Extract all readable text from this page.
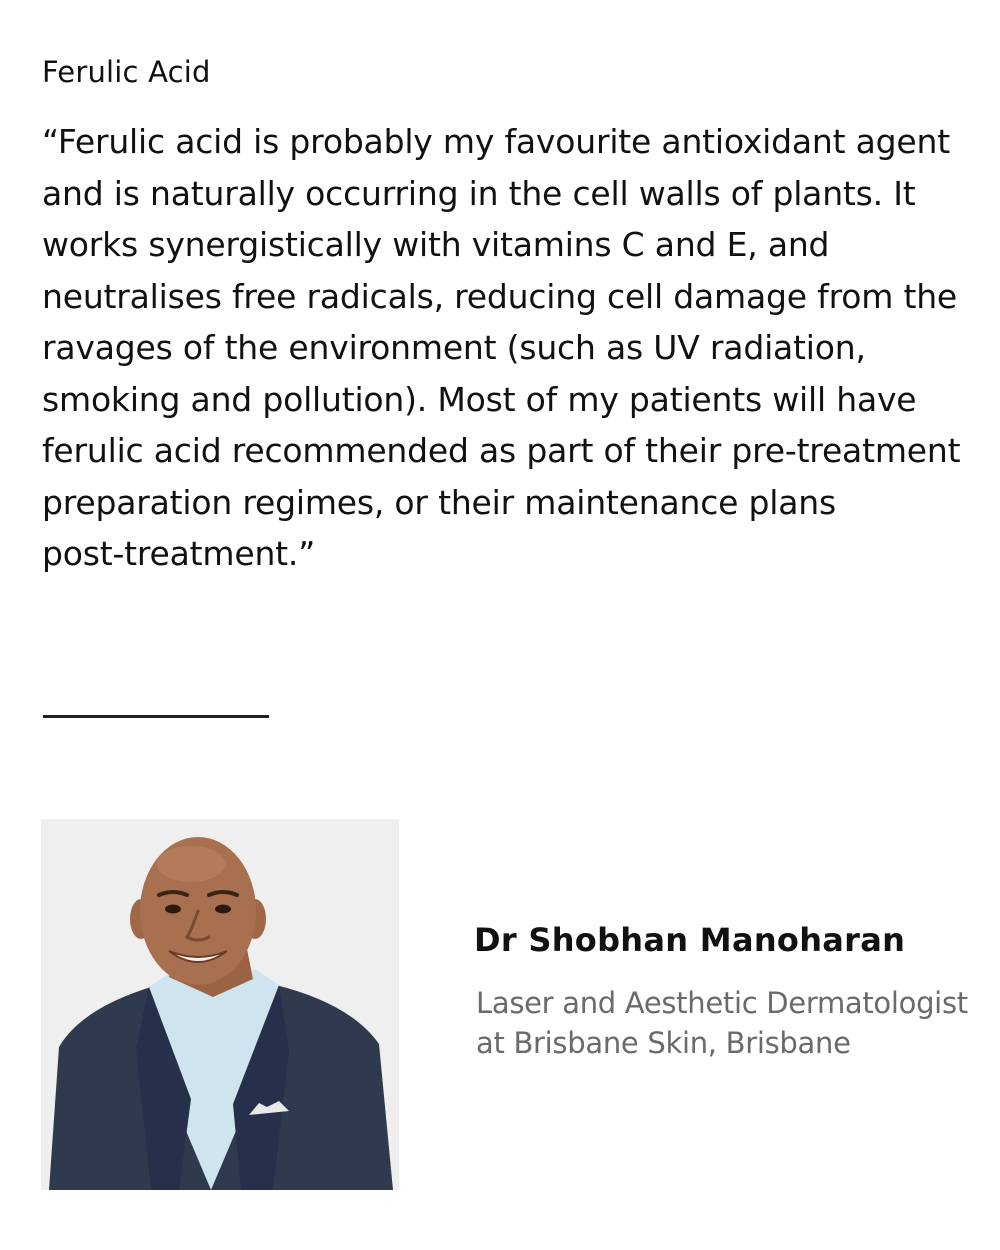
Ferulic Acid
“Ferulic acid is probably my favourite antioxidant agent
and is naturally occurring in the cell walls of plants. It
works synergistically with vitamins C and E, and
neutralises free radicals, reducing cell damage from the
ravages of the environment (such as UV radiation,
smoking and pollution). Most of my patients will have
ferulic acid recommended as part of their pre-treatment
preparation regimes, or their maintenance plans
post-treatment.”
Dr Shobhan Manoharan

Laser and Aesthetic Dermatologist
at Brisbane Skin, Brisbane
